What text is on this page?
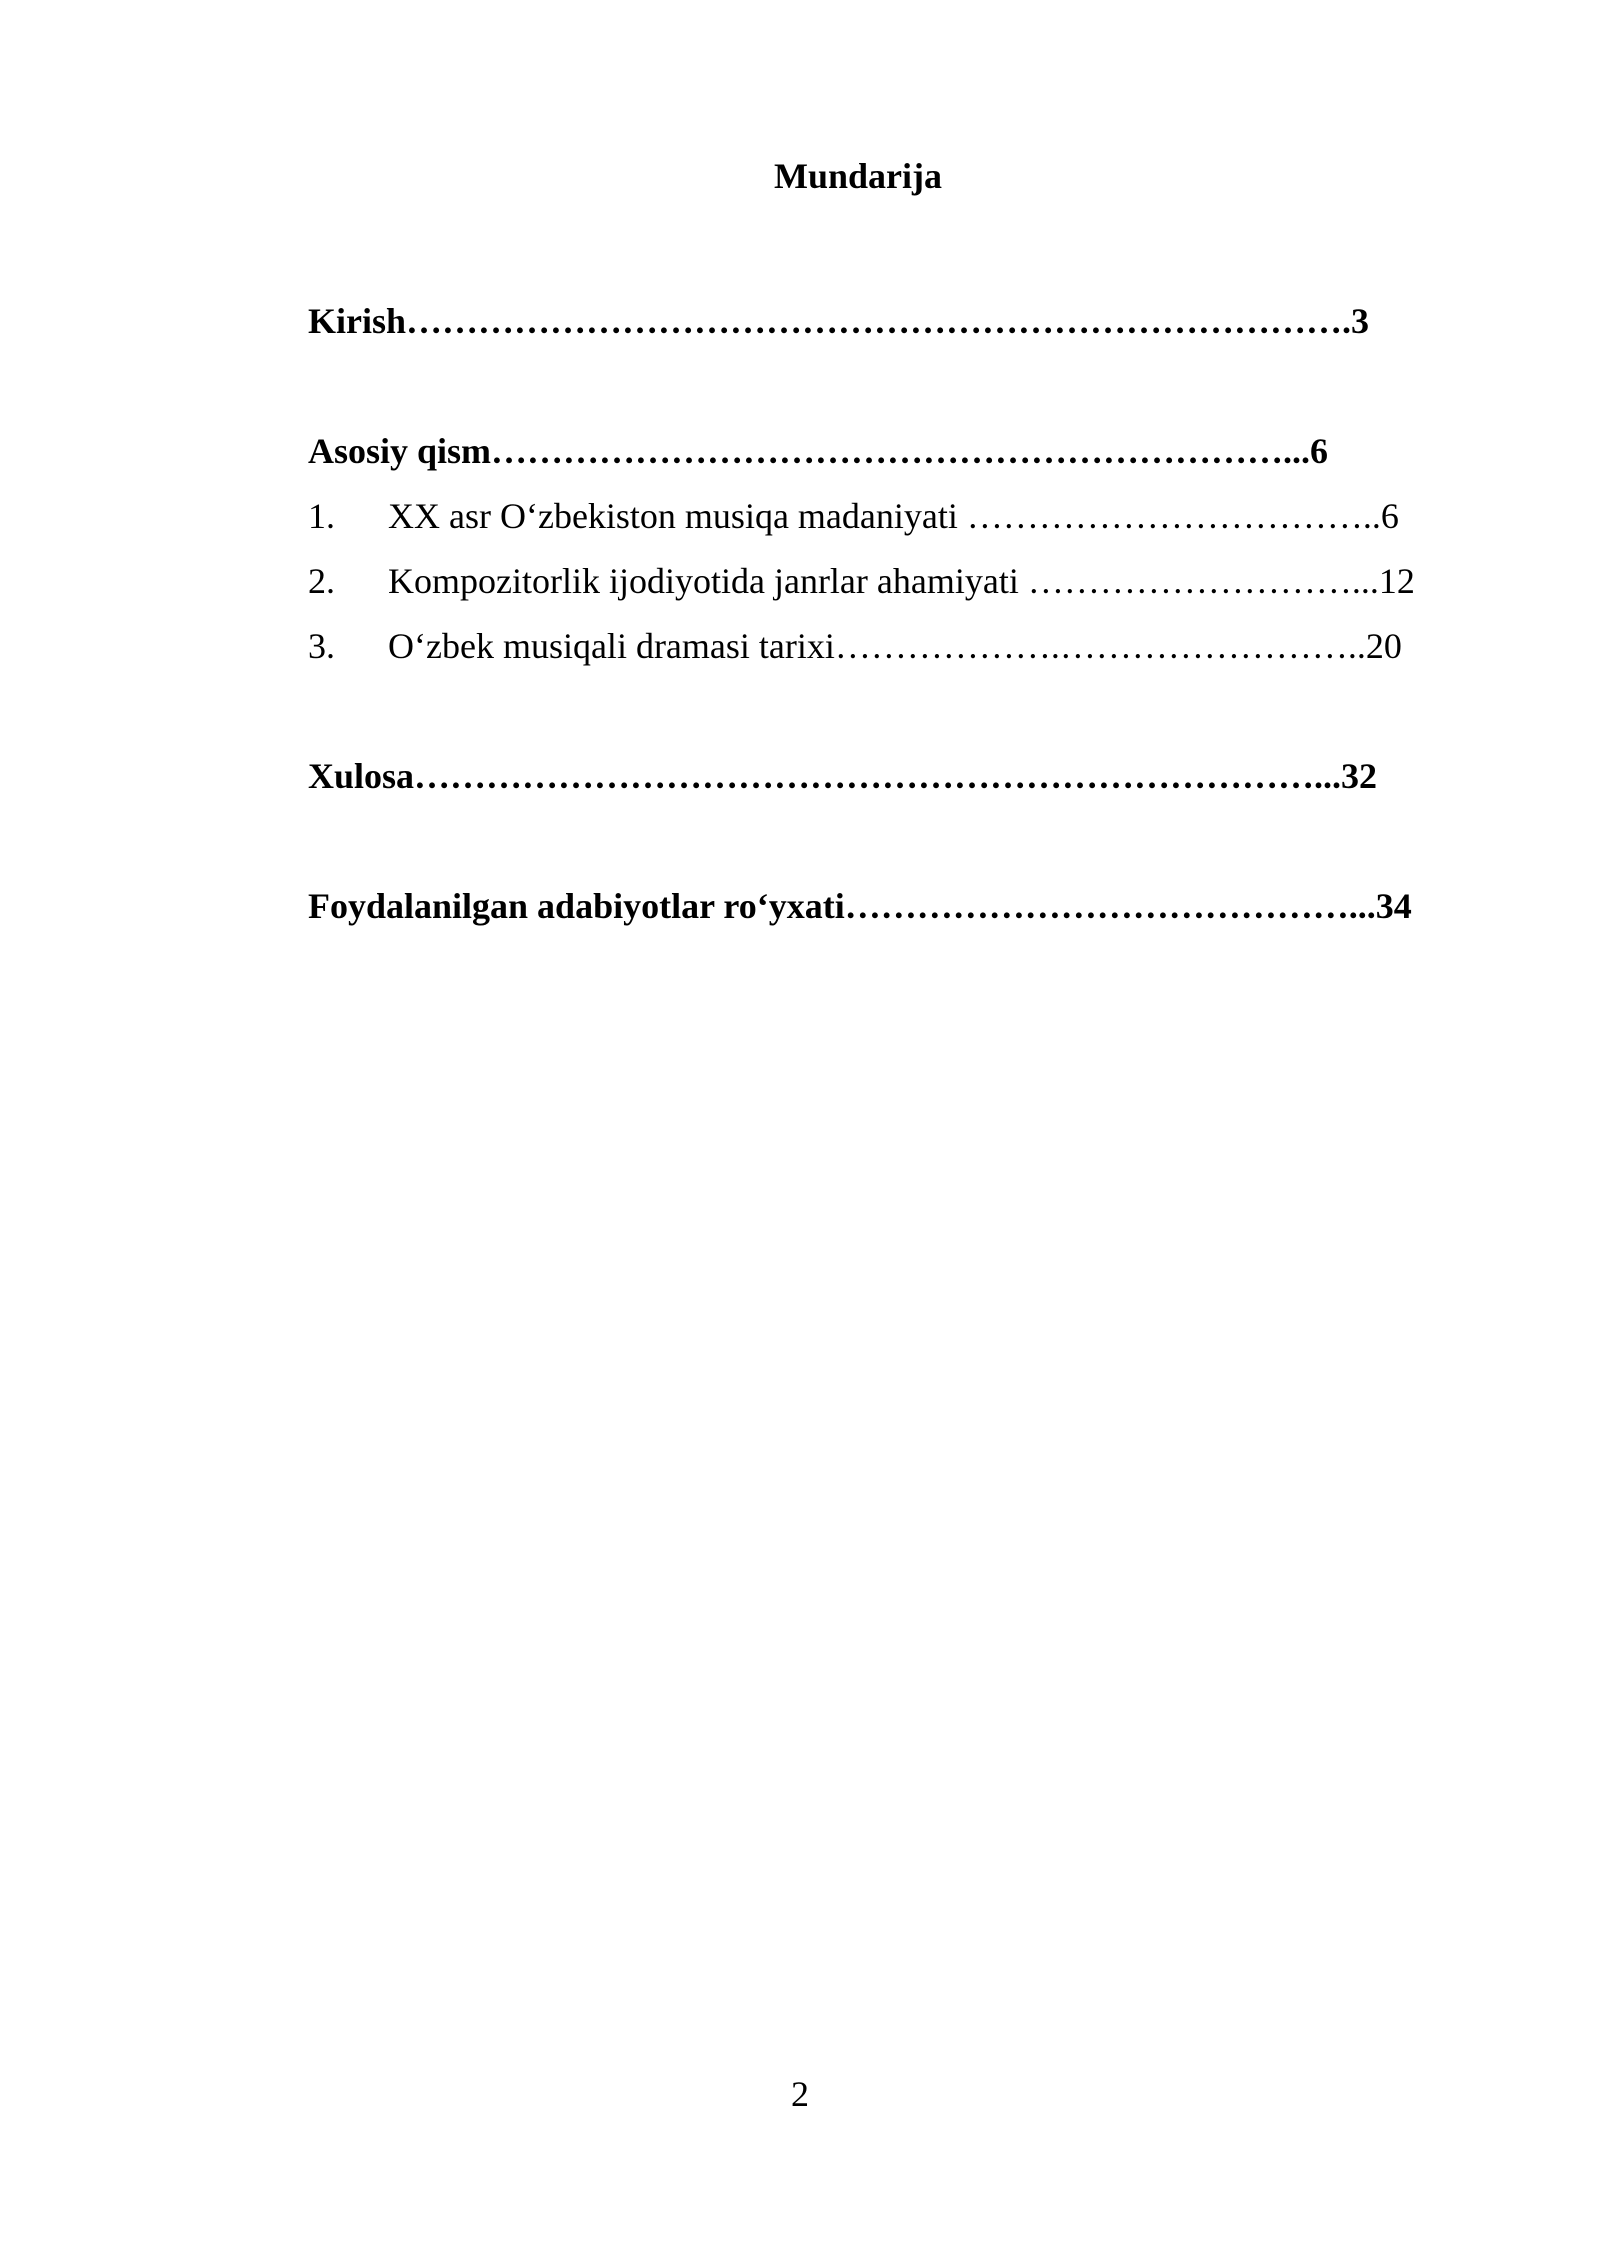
Mundarija
Kirish…………………………………………………………………….3
Asosiy qism…………………………………………………………...6
1. XX asr O‘zbekiston musiqa madaniyati ……………………………..6
2. Kompozitorlik ijodiyotida janrlar ahamiyati ………………………...12
3. O‘zbek musiqali dramasi tarixi……………….……………………..20
Xulosa…………………………………………………………………...32
Foydalanilgan adabiyotlar ro‘yxati……………………………………...34
2
